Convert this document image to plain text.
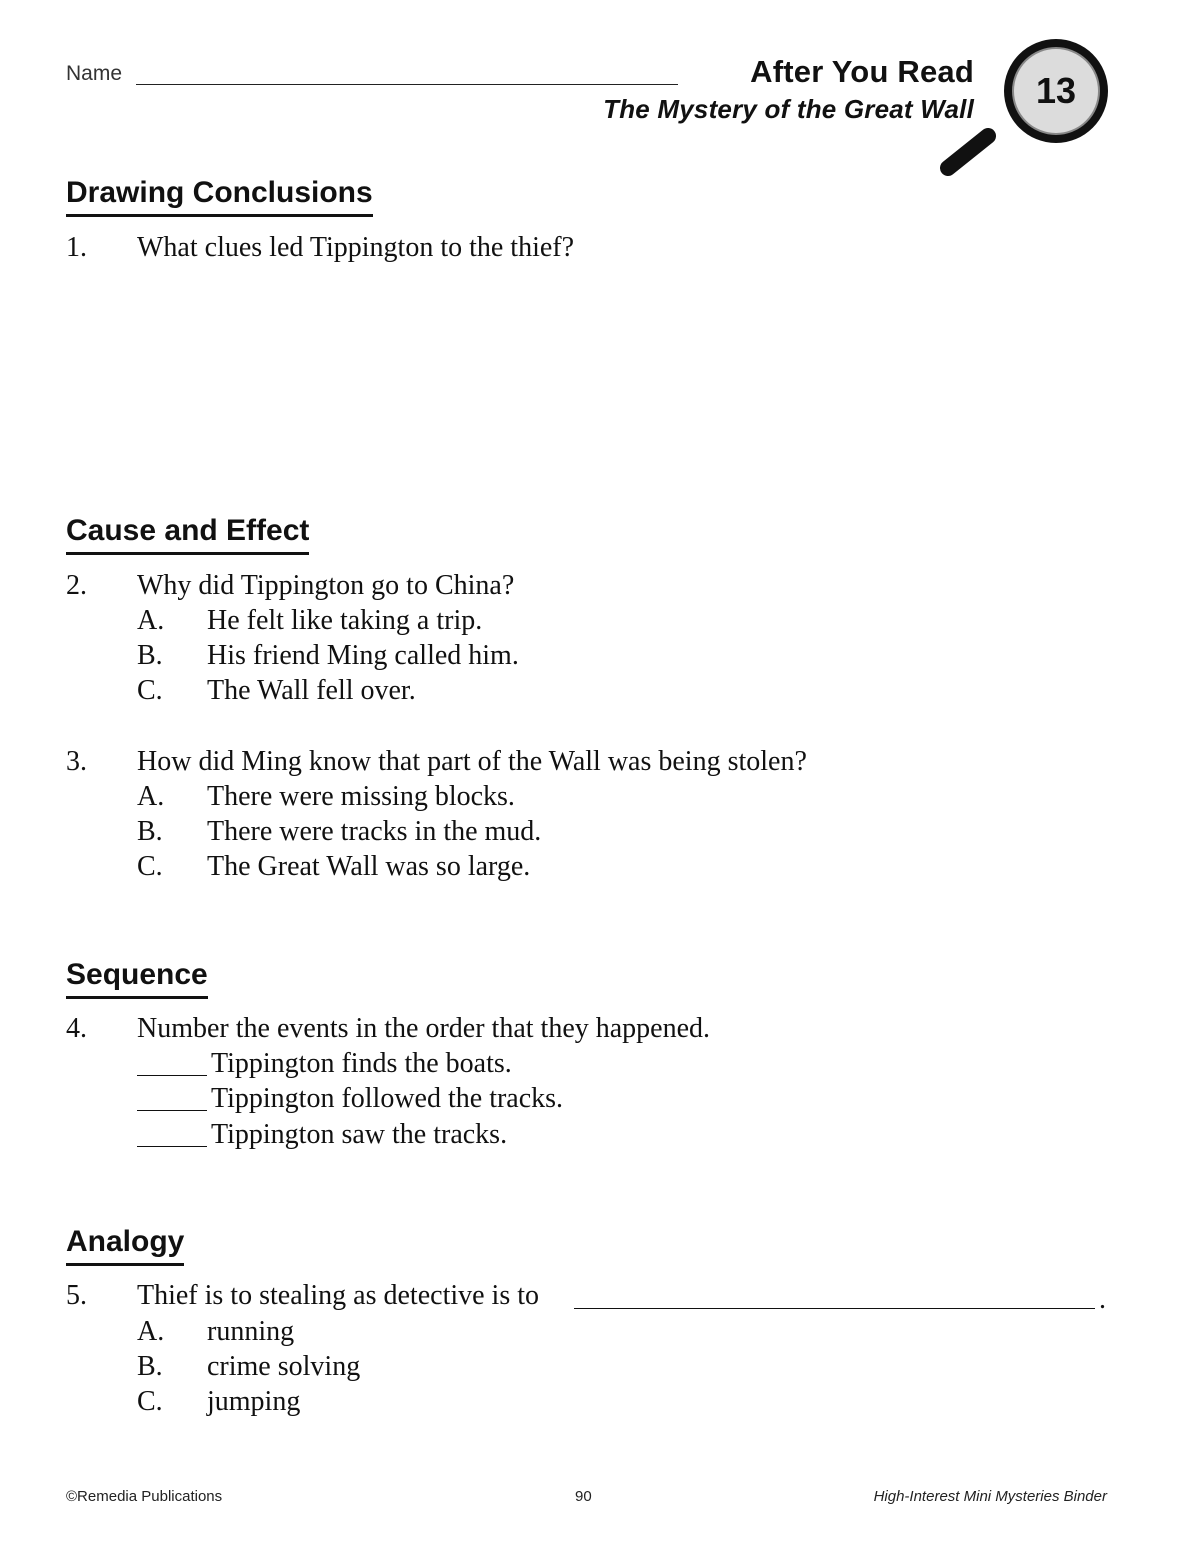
Name	After You Read
The Mystery of the Great Wall	13
Drawing Conclusions
1. What clues led Tippington to the thief?
Cause and Effect
2. Why did Tippington go to China?
A. He felt like taking a trip.
B. His friend Ming called him.
C. The Wall fell over.
3. How did Ming know that part of the Wall was being stolen?
A. There were missing blocks.
B. There were tracks in the mud.
C. The Great Wall was so large.
Sequence
4. Number the events in the order that they happened.
Tippington finds the boats.
Tippington followed the tracks.
Tippington saw the tracks.
Analogy
5. Thief is to stealing as detective is to	.
A. running
B. crime solving
C. jumping
©Remedia Publications	90	High-Interest Mini Mysteries Binder
